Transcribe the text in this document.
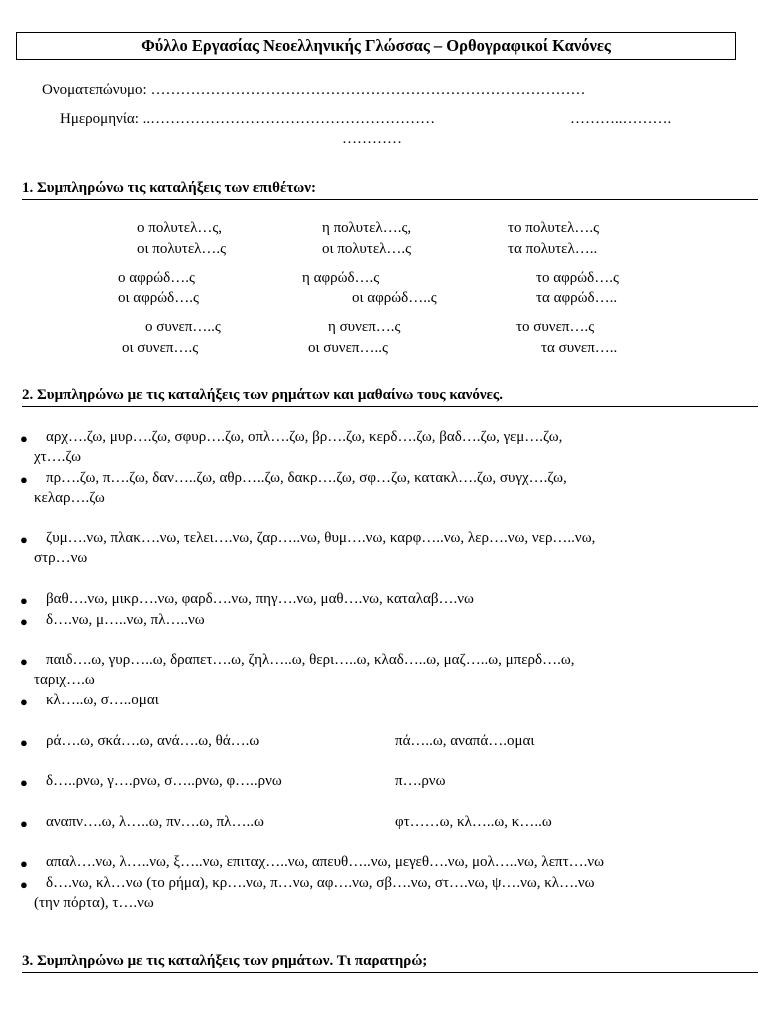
Φύλλο Εργασίας Νεοελληνικής Γλώσσας – Ορθογραφικοί Κανόνες
Ονοματεπώνυμο: ……………………………………………………………………………
Ημερομηνία: ..…………………………………………………	………..……….
…………
1. Συμπληρώνω τις καταλήξεις των επιθέτων:
ο πολυτελ…ς,	η πολυτελ….ς,	το πολυτελ….ς
οι πολυτελ….ς	οι πολυτελ….ς	τα πολυτελ…..
ο αφρώδ….ς	η αφρώδ….ς	το αφρώδ….ς
οι αφρώδ….ς	οι αφρώδ…..ς	τα αφρώδ…..
ο συνεπ…..ς	η συνεπ….ς	το συνεπ….ς
οι συνεπ….ς	οι συνεπ…..ς	τα συνεπ…..
2. Συμπληρώνω με τις καταλήξεις των ρημάτων και μαθαίνω τους κανόνες.
● αρχ….ζω, μυρ….ζω, σφυρ….ζω, οπλ….ζω, βρ….ζω, κερδ….ζω, βαδ….ζω, γεμ….ζω,
χτ….ζω
● πρ….ζω, π….ζω, δαν…..ζω, αθρ…..ζω, δακρ….ζω, σφ…ζω, κατακλ….ζω, συγχ….ζω,
κελαρ….ζω
● ζυμ….νω, πλακ….νω, τελει….νω, ζαρ…..νω, θυμ….νω, καρφ…..νω, λερ….νω, νερ…..νω,
στρ…νω
● βαθ….νω, μικρ….νω, φαρδ….νω, πηγ….νω, μαθ….νω, καταλαβ….νω
● δ….νω, μ…..νω, πλ…..νω
● παιδ….ω, γυρ…..ω, δραπετ….ω, ζηλ…..ω, θερι…..ω, κλαδ…..ω, μαζ…..ω, μπερδ….ω,
ταριχ….ω
● κλ…..ω, σ…..ομαι
● ρά….ω, σκά….ω, ανά….ω, θά….ω	πά…..ω, αναπά….ομαι
● δ…..ρνω, γ….ρνω, σ…..ρνω, φ…..ρνω	π….ρνω
● αναπν….ω, λ…..ω, πν….ω, πλ…..ω	φτ……ω, κλ…..ω, κ…..ω
● απαλ….νω, λ…..νω, ξ…..νω, επιταχ…..νω, απευθ…..νω, μεγεθ….νω, μολ…..νω, λεπτ….νω
● δ….νω, κλ…νω (το ρήμα), κρ….νω, π…νω, αφ….νω, σβ….νω, στ….νω, ψ….νω, κλ….νω
(την πόρτα), τ….νω
3. Συμπληρώνω με τις καταλήξεις των ρημάτων. Τι παρατηρώ;
